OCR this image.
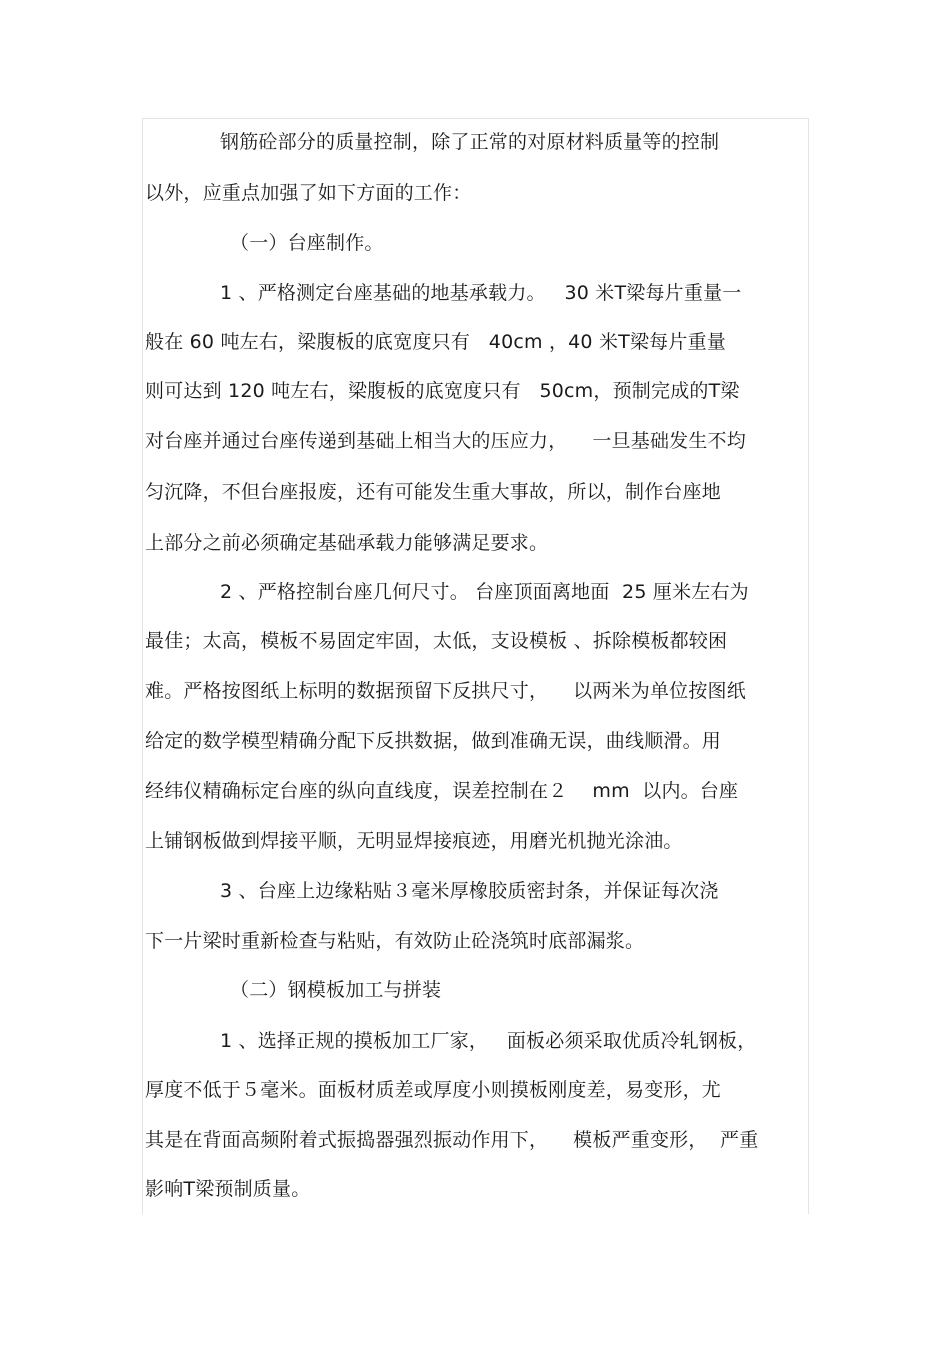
钢筋砼部分的质量控制，除了正常的对原材料质量等的控制
以外，应重点加强了如下方面的工作：
（一）台座制作。
1 、严格测定台座基础的地基承载力。   30 米T梁每片重量一
般在 60 吨左右，梁腹板的底宽度只有   40cm ，40 米T梁每片重量
则可达到 120 吨左右，梁腹板的底宽度只有   50cm，预制完成的T梁
对台座并通过台座传递到基础上相当大的压应力，    一旦基础发生不均
匀沉降，不但台座报废，还有可能发生重大事故，所以，制作台座地
上部分之前必须确定基础承载力能够满足要求。
2 、严格控制台座几何尺寸。 台座顶面离地面  25 厘米左右为
最佳；太高，模板不易固定牢固，太低，支设模板 、拆除模板都较困
难。严格按图纸上标明的数据预留下反拱尺寸，    以两米为单位按图纸
给定的数学模型精确分配下反拱数据，做到准确无误，曲线顺滑。用
经纬仪精确标定台座的纵向直线度，误差控制在２    mm  以内。台座
上铺钢板做到焊接平顺，无明显焊接痕迹，用磨光机抛光涂油。
3 、台座上边缘粘贴３毫米厚橡胶质密封条，并保证每次浇
下一片梁时重新检查与粘贴，有效防止砼浇筑时底部漏浆。
（二）钢模板加工与拼装
1 、选择正规的摸板加工厂家，   面板必须采取优质冷轧钢板，
厚度不低于５毫米。面板材质差或厚度小则摸板刚度差，易变形，尤
其是在背面高频附着式振捣器强烈振动作用下，    模板严重变形，  严重
影响T梁预制质量。
